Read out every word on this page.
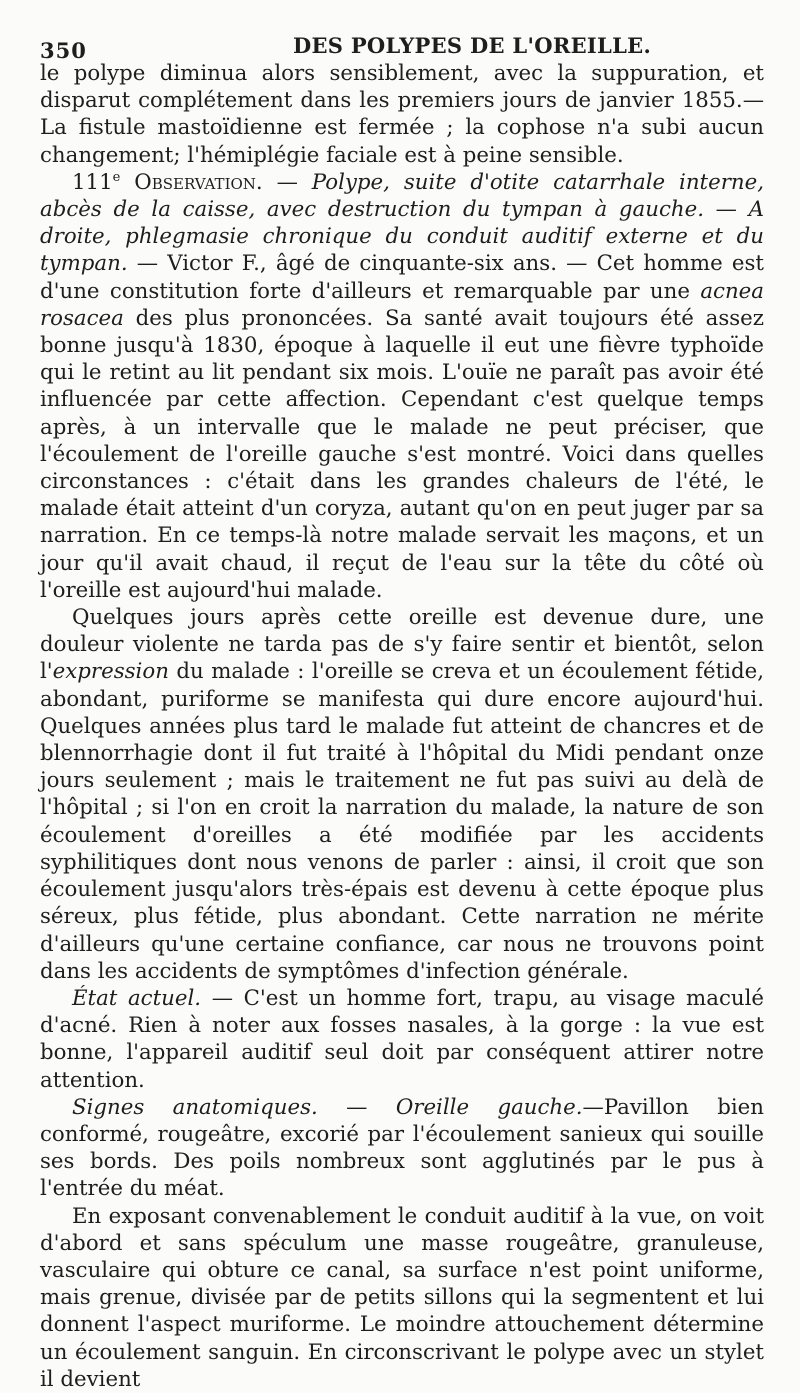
350	DES POLYPES DE L'OREILLE.

le polype diminua alors sensiblement, avec la suppuration, et disparut complétement dans les premiers jours de janvier 1855.—La fistule mastoïdienne est fermée ; la cophose n'a subi aucun changement; l'hémiplégie faciale est à peine sensible.

111e Observation. — Polype, suite d'otite catarrhale interne, abcès de la caisse, avec destruction du tympan à gauche. — A droite, phlegmasie chronique du conduit auditif externe et du tympan. — Victor F., âgé de cinquante-six ans. — Cet homme est d'une constitution forte d'ailleurs et remarquable par une acnea rosacea des plus prononcées. Sa santé avait toujours été assez bonne jusqu'à 1830, époque à laquelle il eut une fièvre typhoïde qui le retint au lit pendant six mois. L'ouïe ne paraît pas avoir été influencée par cette affection. Cependant c'est quelque temps après, à un intervalle que le malade ne peut préciser, que l'écoulement de l'oreille gauche s'est montré. Voici dans quelles circonstances : c'était dans les grandes chaleurs de l'été, le malade était atteint d'un coryza, autant qu'on en peut juger par sa narration. En ce temps-là notre malade servait les maçons, et un jour qu'il avait chaud, il reçut de l'eau sur la tête du côté où l'oreille est aujourd'hui malade.

Quelques jours après cette oreille est devenue dure, une douleur violente ne tarda pas de s'y faire sentir et bientôt, selon l'expression du malade : l'oreille se creva et un écoulement fétide, abondant, puriforme se manifesta qui dure encore aujourd'hui. Quelques années plus tard le malade fut atteint de chancres et de blennorrhagie dont il fut traité à l'hôpital du Midi pendant onze jours seulement ; mais le traitement ne fut pas suivi au delà de l'hôpital ; si l'on en croit la narration du malade, la nature de son écoulement d'oreilles a été modifiée par les accidents syphilitiques dont nous venons de parler : ainsi, il croit que son écoulement jusqu'alors très-épais est devenu à cette époque plus séreux, plus fétide, plus abondant. Cette narration ne mérite d'ailleurs qu'une certaine confiance, car nous ne trouvons point dans les accidents de symptômes d'infection générale.

État actuel. — C'est un homme fort, trapu, au visage maculé d'acné. Rien à noter aux fosses nasales, à la gorge : la vue est bonne, l'appareil auditif seul doit par conséquent attirer notre attention.

Signes anatomiques. — Oreille gauche.—Pavillon bien conformé, rougeâtre, excorié par l'écoulement sanieux qui souille ses bords. Des poils nombreux sont agglutinés par le pus à l'entrée du méat.

En exposant convenablement le conduit auditif à la vue, on voit d'abord et sans spéculum une masse rougeâtre, granuleuse, vasculaire qui obture ce canal, sa surface n'est point uniforme, mais grenue, divisée par de petits sillons qui la segmentent et lui donnent l'aspect muriforme. Le moindre attouchement détermine un écoulement sanguin. En circonscrivant le polype avec un stylet il devient
